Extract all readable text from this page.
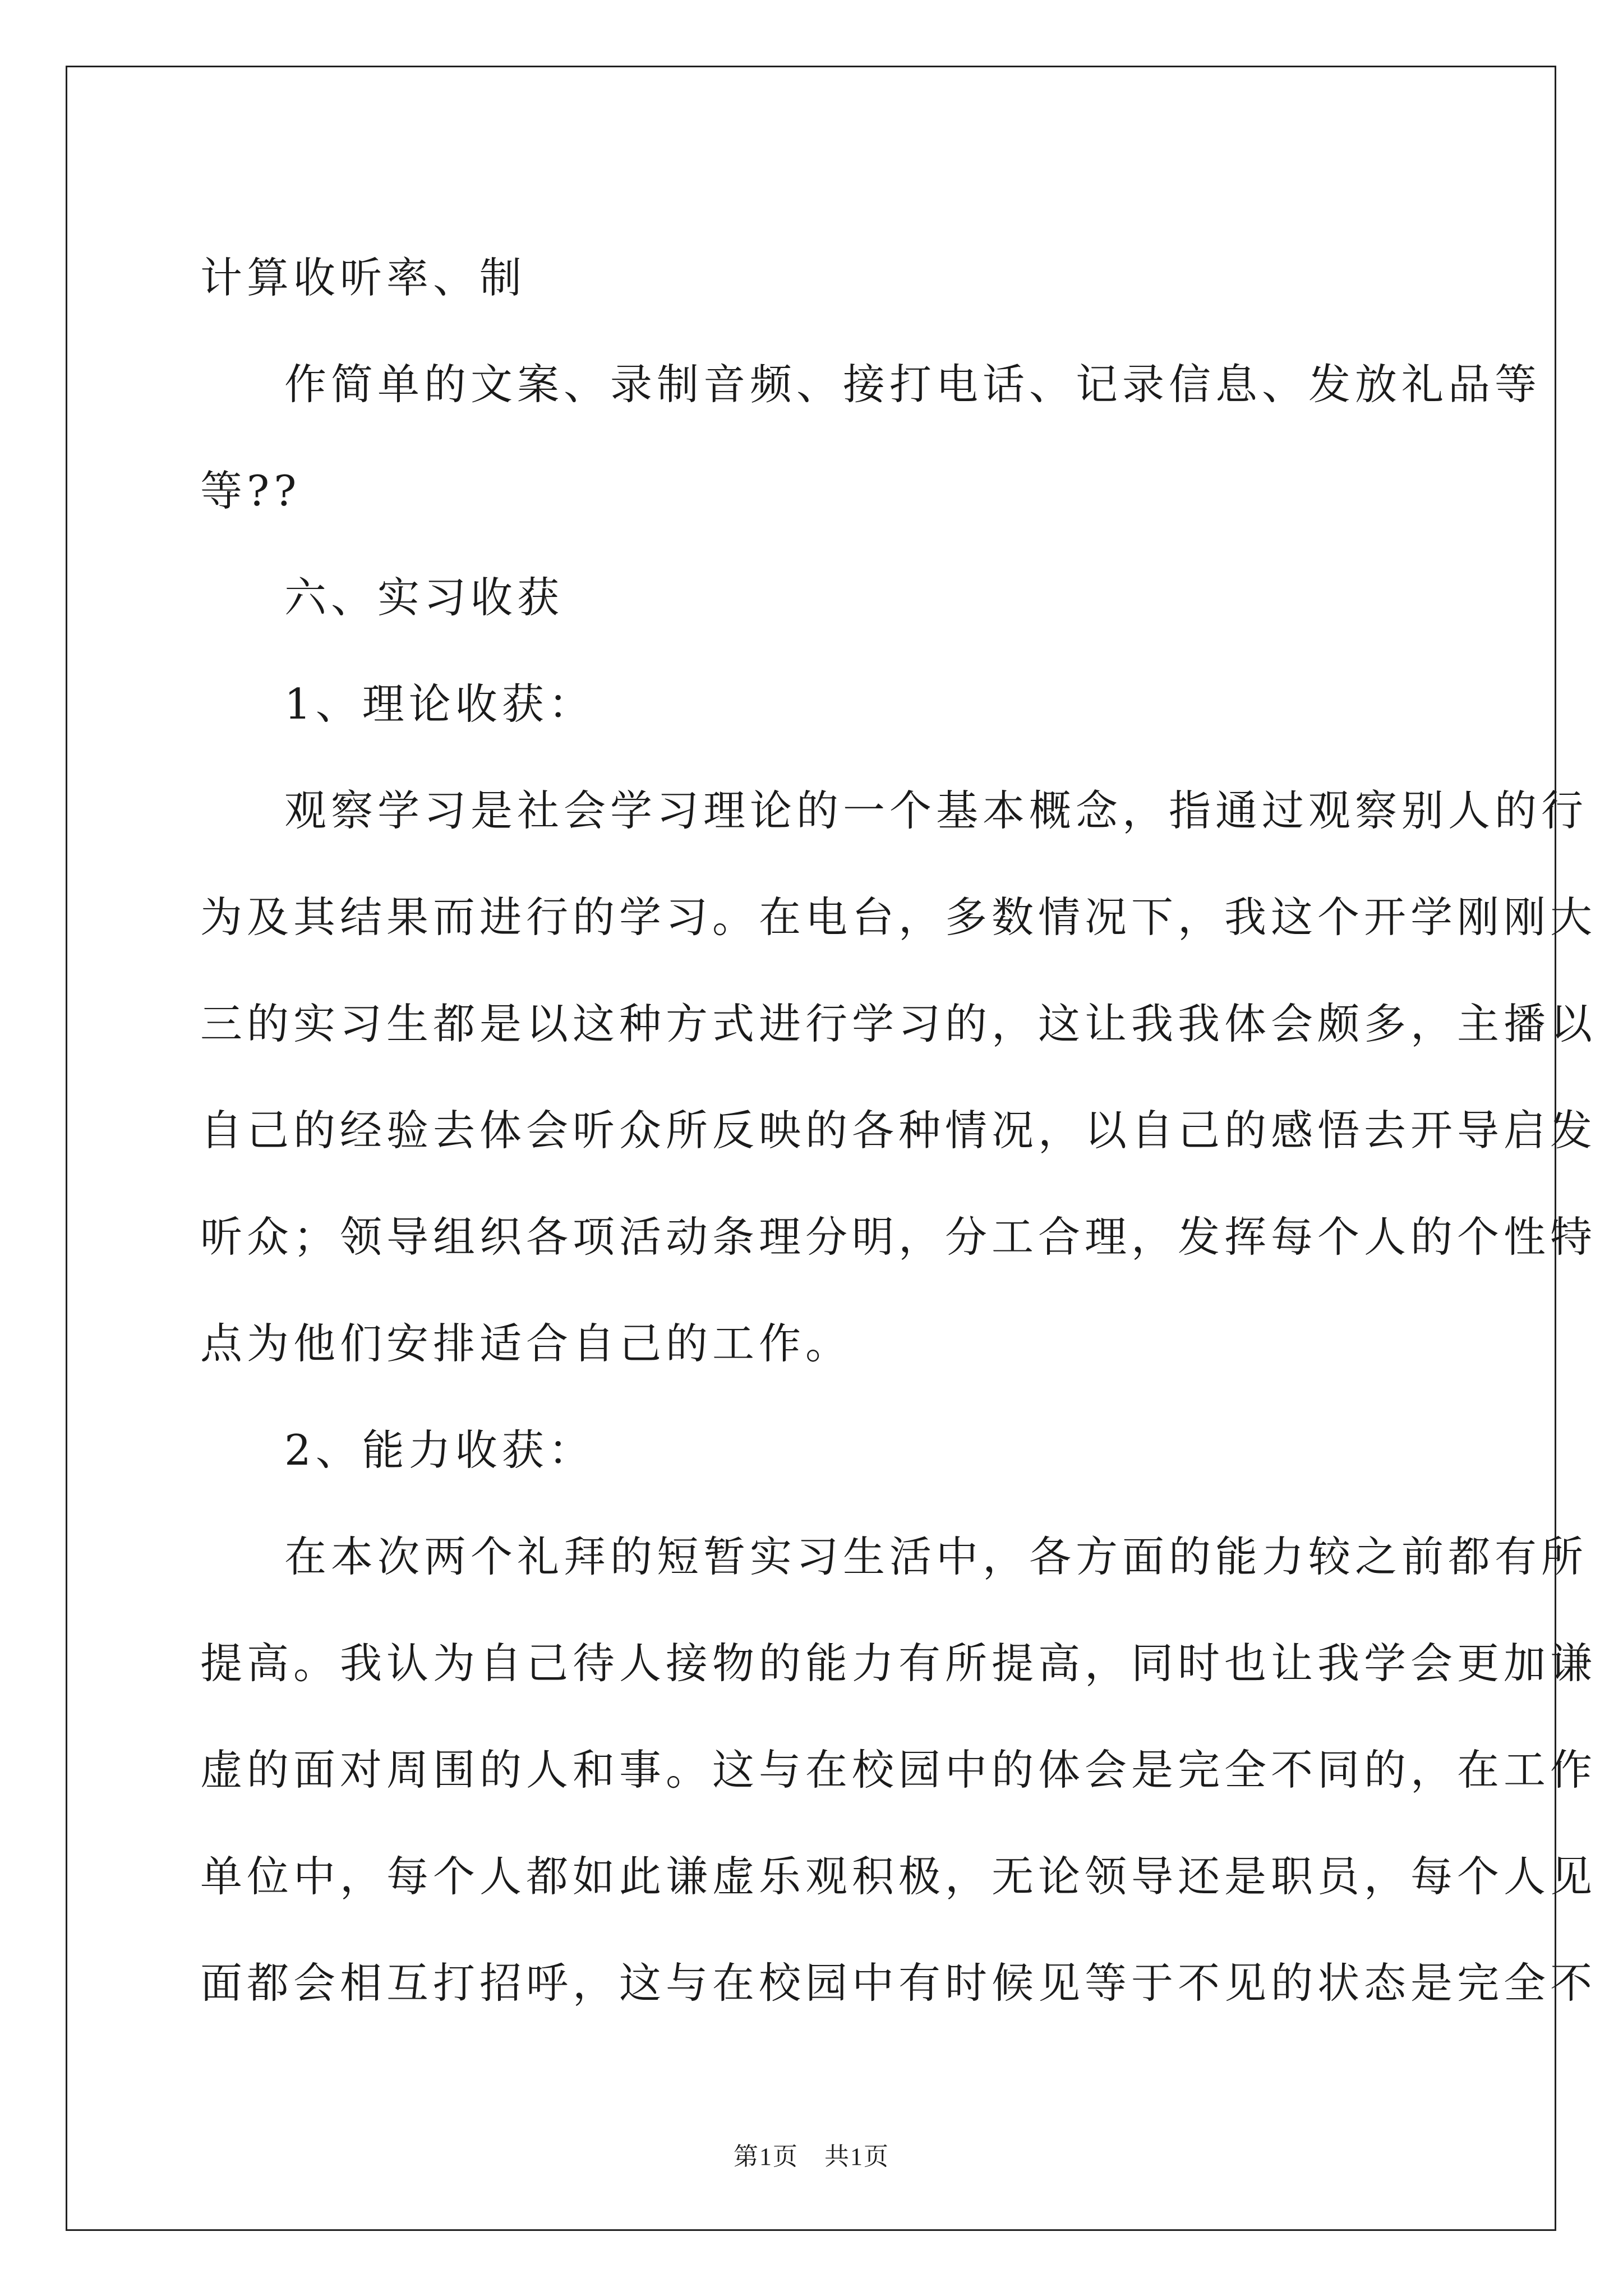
计算收听率、制

作简单的文案、录制音频、接打电话、记录信息、发放礼品等
等??

六、实习收获

1、理论收获：

观察学习是社会学习理论的一个基本概念，指通过观察别人的行
为及其结果而进行的学习。在电台，多数情况下，我这个开学刚刚大
三的实习生都是以这种方式进行学习的，这让我我体会颇多，主播以
自己的经验去体会听众所反映的各种情况，以自己的感悟去开导启发
听众；领导组织各项活动条理分明，分工合理，发挥每个人的个性特
点为他们安排适合自己的工作。

2、能力收获：

在本次两个礼拜的短暂实习生活中，各方面的能力较之前都有所
提高。我认为自己待人接物的能力有所提高，同时也让我学会更加谦
虚的面对周围的人和事。这与在校园中的体会是完全不同的，在工作
单位中，每个人都如此谦虚乐观积极，无论领导还是职员，每个人见
面都会相互打招呼，这与在校园中有时候见等于不见的状态是完全不

第1页　共1页
